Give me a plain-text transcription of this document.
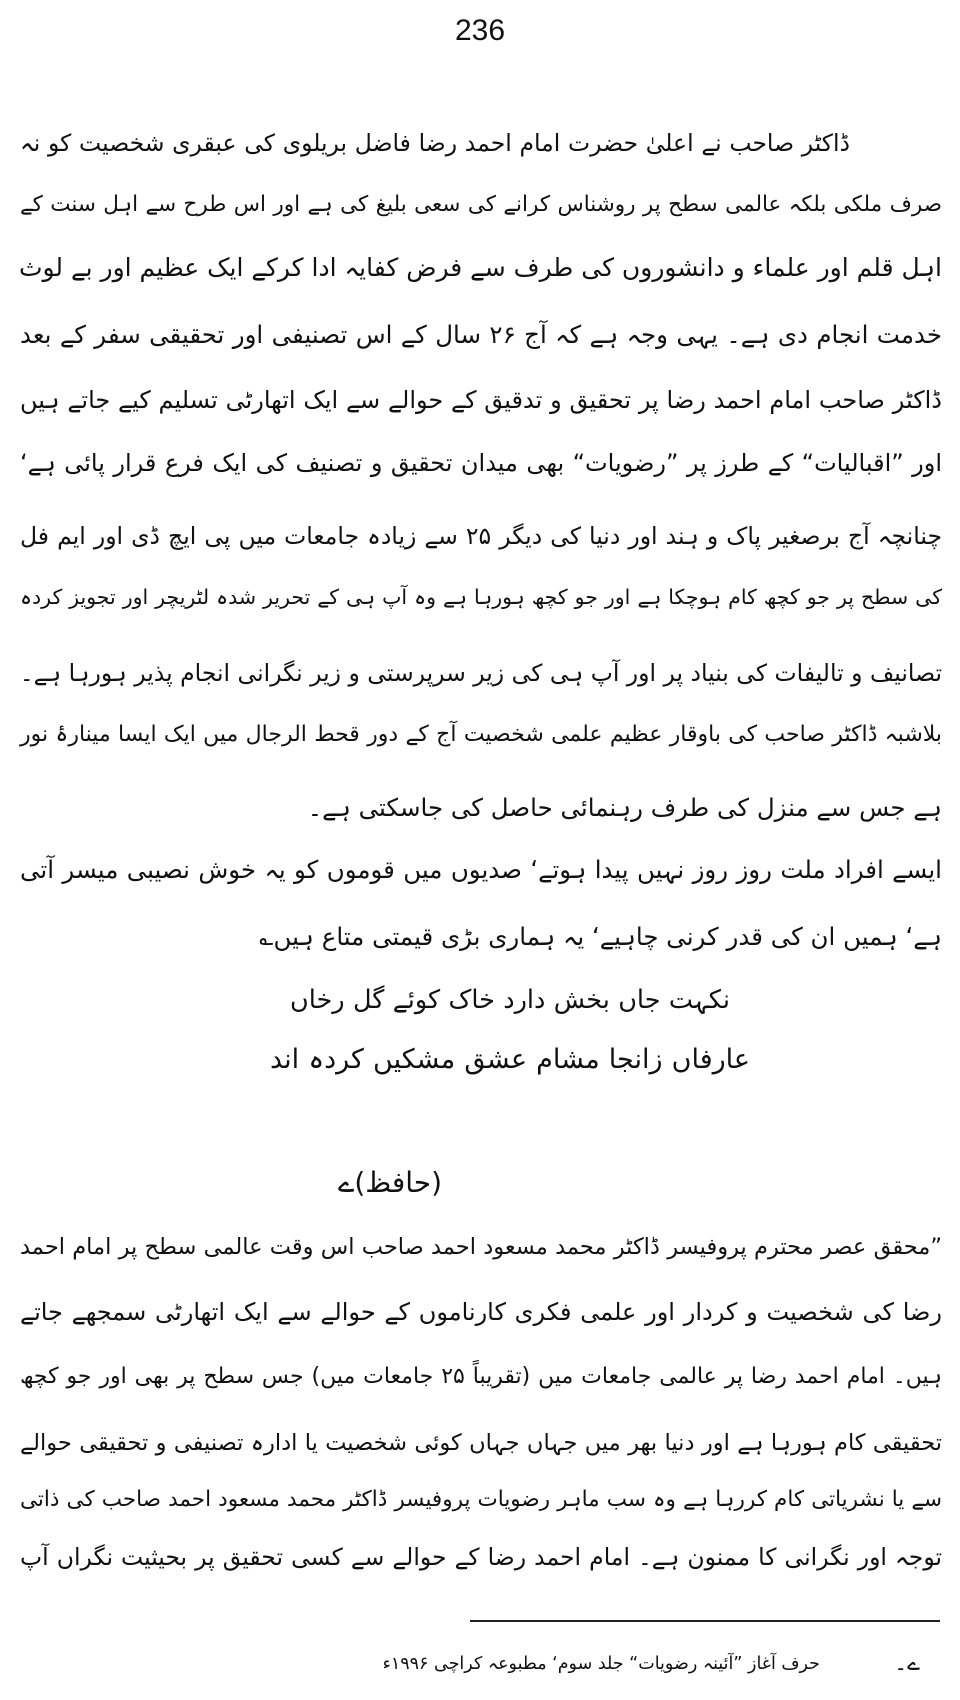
236
ڈاکٹر صاحب نے اعلیٰ حضرت امام احمد رضا فاضل بریلوی کی عبقری شخصیت کو نہ
صرف ملکی بلکہ عالمی سطح پر روشناس کرانے کی سعی بلیغ کی ہے اور اس طرح سے اہل سنت کے
اہل قلم اور علماء و دانشوروں کی طرف سے فرض کفایہ ادا کرکے ایک عظیم اور بے لوث
خدمت انجام دی ہے۔ یہی وجہ ہے کہ آج ۲۶ سال کے اس تصنیفی اور تحقیقی سفر کے بعد
ڈاکٹر صاحب امام احمد رضا پر تحقیق و تدقیق کے حوالے سے ایک اتھارٹی تسلیم کیے جاتے ہیں
اور ”اقبالیات“ کے طرز پر ”رضویات“ بھی میدان تحقیق و تصنیف کی ایک فرع قرار پائی ہے‘
چنانچہ آج برصغیر پاک و ہند اور دنیا کی دیگر ۲۵ سے زیادہ جامعات میں پی ایچ ڈی اور ایم فل
کی سطح پر جو کچھ کام ہوچکا ہے اور جو کچھ ہورہا ہے وہ آپ ہی کے تحریر شدہ لٹریچر اور تجویز کردہ
تصانیف و تالیفات کی بنیاد پر اور آپ ہی کی زیر سرپرستی و زیر نگرانی انجام پذیر ہورہا ہے۔
بلاشبہ ڈاکٹر صاحب کی باوقار عظیم علمی شخصیت آج کے دور قحط الرجال میں ایک ایسا مینارۂ نور
ہے جس سے منزل کی طرف رہنمائی حاصل کی جاسکتی ہے۔
ایسے افراد ملت روز روز نہیں پیدا ہوتے‘ صدیوں میں قوموں کو یہ خوش نصیبی میسر آتی
ہے‘ ہمیں ان کی قدر کرنی چاہیے‘ یہ ہماری بڑی قیمتی متاع ہیں؎
نکہت جاں بخش دارد خاک کوئے گل رخاں
عارفاں زانجا مشام عشق مشکیں کردہ اند
(حافظ)ے
”محقق عصر محترم پروفیسر ڈاکٹر محمد مسعود احمد صاحب اس وقت عالمی سطح پر امام احمد
رضا کی شخصیت و کردار اور علمی فکری کارناموں کے حوالے سے ایک اتھارٹی سمجھے جاتے
ہیں۔ امام احمد رضا پر عالمی جامعات میں (تقریباً ۲۵ جامعات میں) جس سطح پر بھی اور جو کچھ
تحقیقی کام ہورہا ہے اور دنیا بھر میں جہاں جہاں کوئی شخصیت یا ادارہ تصنیفی و تحقیقی حوالے
سے یا نشریاتی کام کررہا ہے وہ سب ماہر رضویات پروفیسر ڈاکٹر محمد مسعود احمد صاحب کی ذاتی
توجہ اور نگرانی کا ممنون ہے۔ امام احمد رضا کے حوالے سے کسی تحقیق پر بحیثیت نگراں آپ
ے۔
حرف آغاز ”آئینہ رضویات“ جلد سوم‘ مطبوعہ کراچی ۱۹۹۶ء
